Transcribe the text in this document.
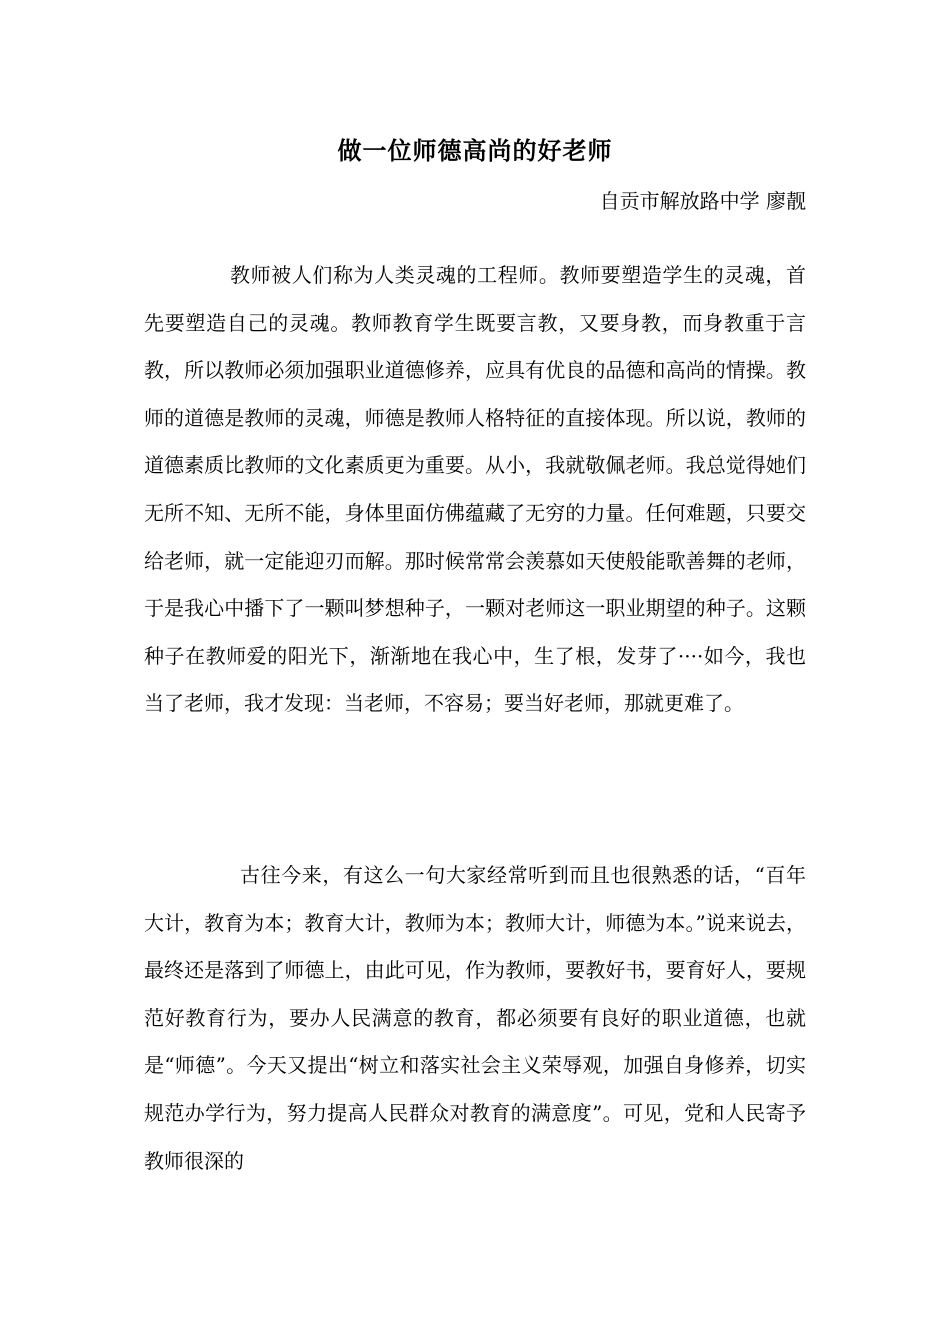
做一位师德高尚的好老师
自贡市解放路中学 廖靓

教师被人们称为人类灵魂的工程师。教师要塑造学生的灵魂，首先要塑造自己的灵魂。教师教育学生既要言教，又要身教，而身教重于言教，所以教师必须加强职业道德修养，应具有优良的品德和高尚的情操。教师的道德是教师的灵魂，师德是教师人格特征的直接体现。所以说，教师的道德素质比教师的文化素质更为重要。从小，我就敬佩老师。我总觉得她们无所不知、无所不能，身体里面仿佛蕴藏了无穷的力量。任何难题，只要交给老师，就一定能迎刃而解。那时候常常会羡慕如天使般能歌善舞的老师，于是我心中播下了一颗叫梦想种子，一颗对老师这一职业期望的种子。这颗种子在教师爱的阳光下，渐渐地在我心中，生了根，发芽了····如今，我也当了老师，我才发现：当老师，不容易；要当好老师，那就更难了。

古往今来，有这么一句大家经常听到而且也很熟悉的话，“百年大计，教育为本；教育大计，教师为本；教师大计，师德为本。”说来说去，最终还是落到了师德上，由此可见，作为教师，要教好书，要育好人，要规范好教育行为，要办人民满意的教育，都必须要有良好的职业道德，也就是“师德”。今天又提出“树立和落实社会主义荣辱观，加强自身修养，切实规范办学行为，努力提高人民群众对教育的满意度”。可见，党和人民寄予教师很深的
